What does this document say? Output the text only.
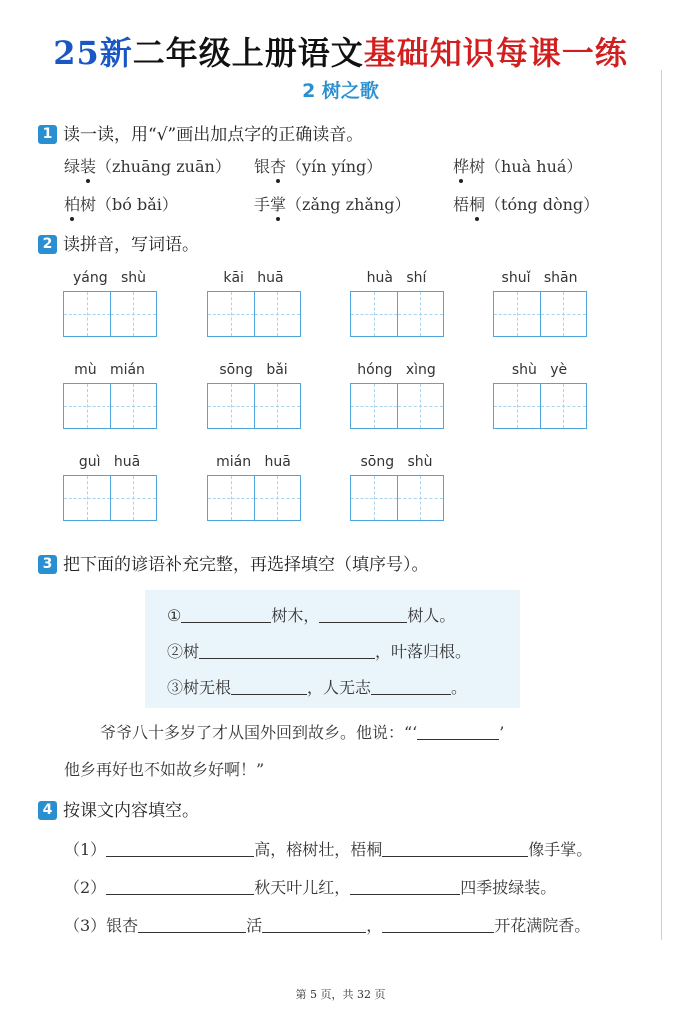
25新二年级上册语文基础知识每课一练
2 树之歌
1 读一读，用“√”画出加点字的正确读音。
绿装（zhuāng zuān） 银杏（yín yíng）	桦树（huà huá）
柏树（bó bǎi）	手掌（zǎng zhǎng）	梧桐（tóng dòng）
2 读拼音，写词语。
yáng shù	kāi huā	huà shí	shuǐ shān
mù mián	sōng bǎi	hóng xìng	shù yè
guì huā	mián huā	sōng shù
3 把下面的谚语补充完整，再选择填空（填序号）。
①	树木，	树人。
②树	，叶落归根。
③树无根	，人无志	。
爷爷八十多岁了才从国外回到故乡。他说：“‘	’
他乡再好也不如故乡好啊！”
4 按课文内容填空。
（1）	高，榕树壮，梧桐	像手掌。
（2）	秋天叶儿红，	四季披绿装。
（3）银杏	活	，	开花满院香。
第 5 页，共 32 页
